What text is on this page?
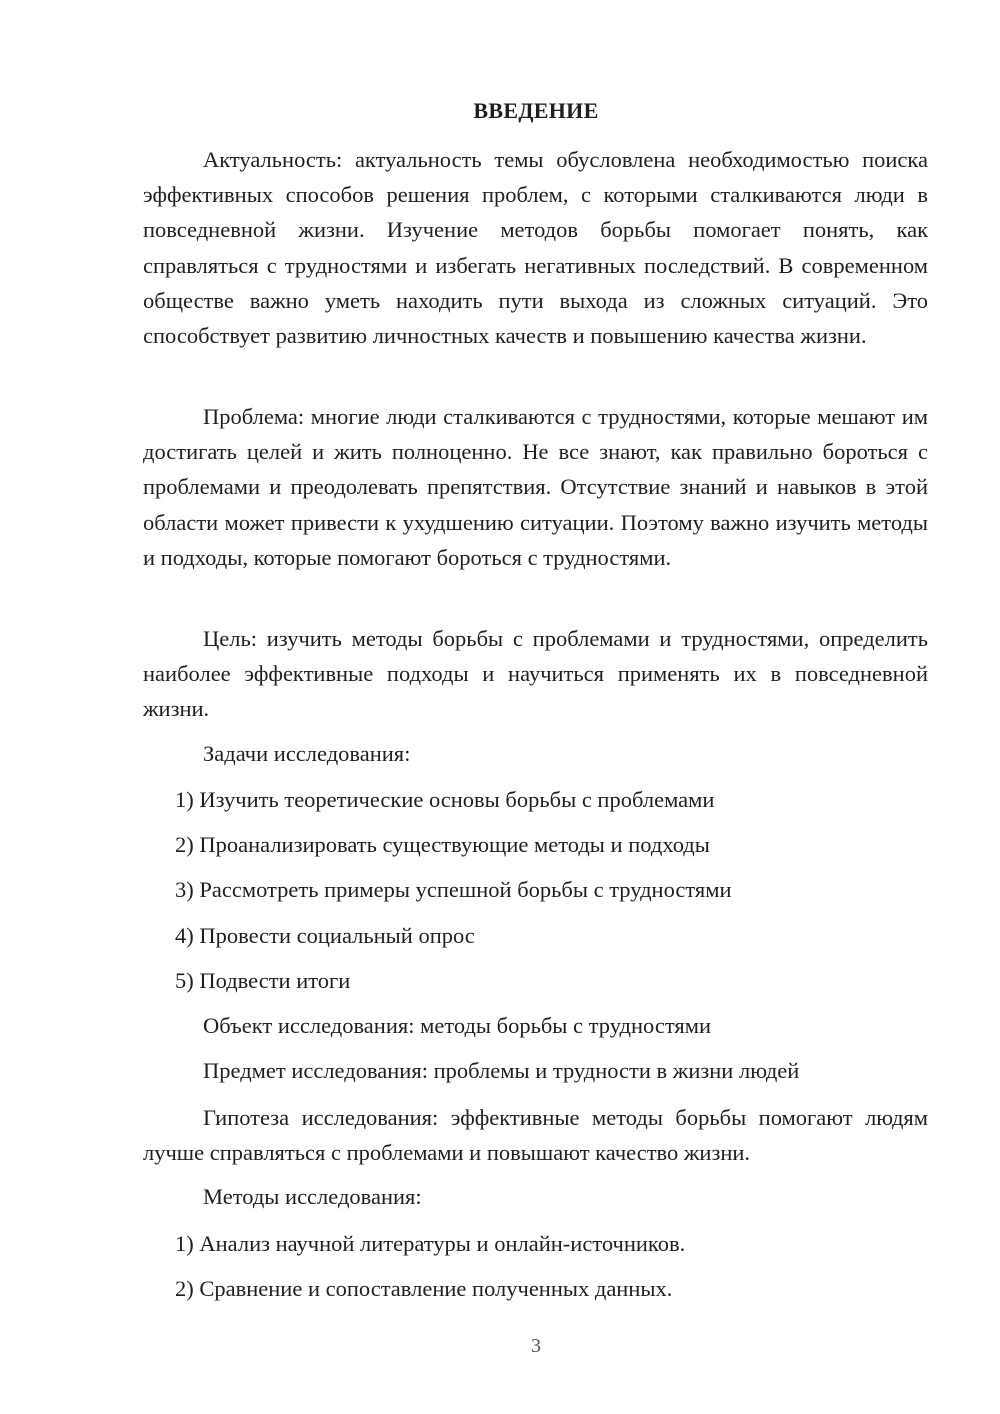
ВВЕДЕНИЕ

Актуальность: актуальность темы обусловлена необходимостью поиска эффективных способов решения проблем, с которыми сталкиваются люди в повседневной жизни. Изучение методов борьбы помогает понять, как справляться с трудностями и избегать негативных последствий. В современном обществе важно уметь находить пути выхода из сложных ситуаций. Это способствует развитию личностных качеств и повышению качества жизни.

Проблема: многие люди сталкиваются с трудностями, которые мешают им достигать целей и жить полноценно. Не все знают, как правильно бороться с проблемами и преодолевать препятствия. Отсутствие знаний и навыков в этой области может привести к ухудшению ситуации. Поэтому важно изучить методы и подходы, которые помогают бороться с трудностями.

Цель: изучить методы борьбы с проблемами и трудностями, определить наиболее эффективные подходы и научиться применять их в повседневной жизни.

Задачи исследования:
1) Изучить теоретические основы борьбы с проблемами
2) Проанализировать существующие методы и подходы
3) Рассмотреть примеры успешной борьбы с трудностями
4) Провести социальный опрос
5) Подвести итоги
Объект исследования: методы борьбы с трудностями
Предмет исследования: проблемы и трудности в жизни людей

Гипотеза исследования: эффективные методы борьбы помогают людям лучше справляться с проблемами и повышают качество жизни.

Методы исследования:
1) Анализ научной литературы и онлайн-источников.
2) Сравнение и сопоставление полученных данных.
3
